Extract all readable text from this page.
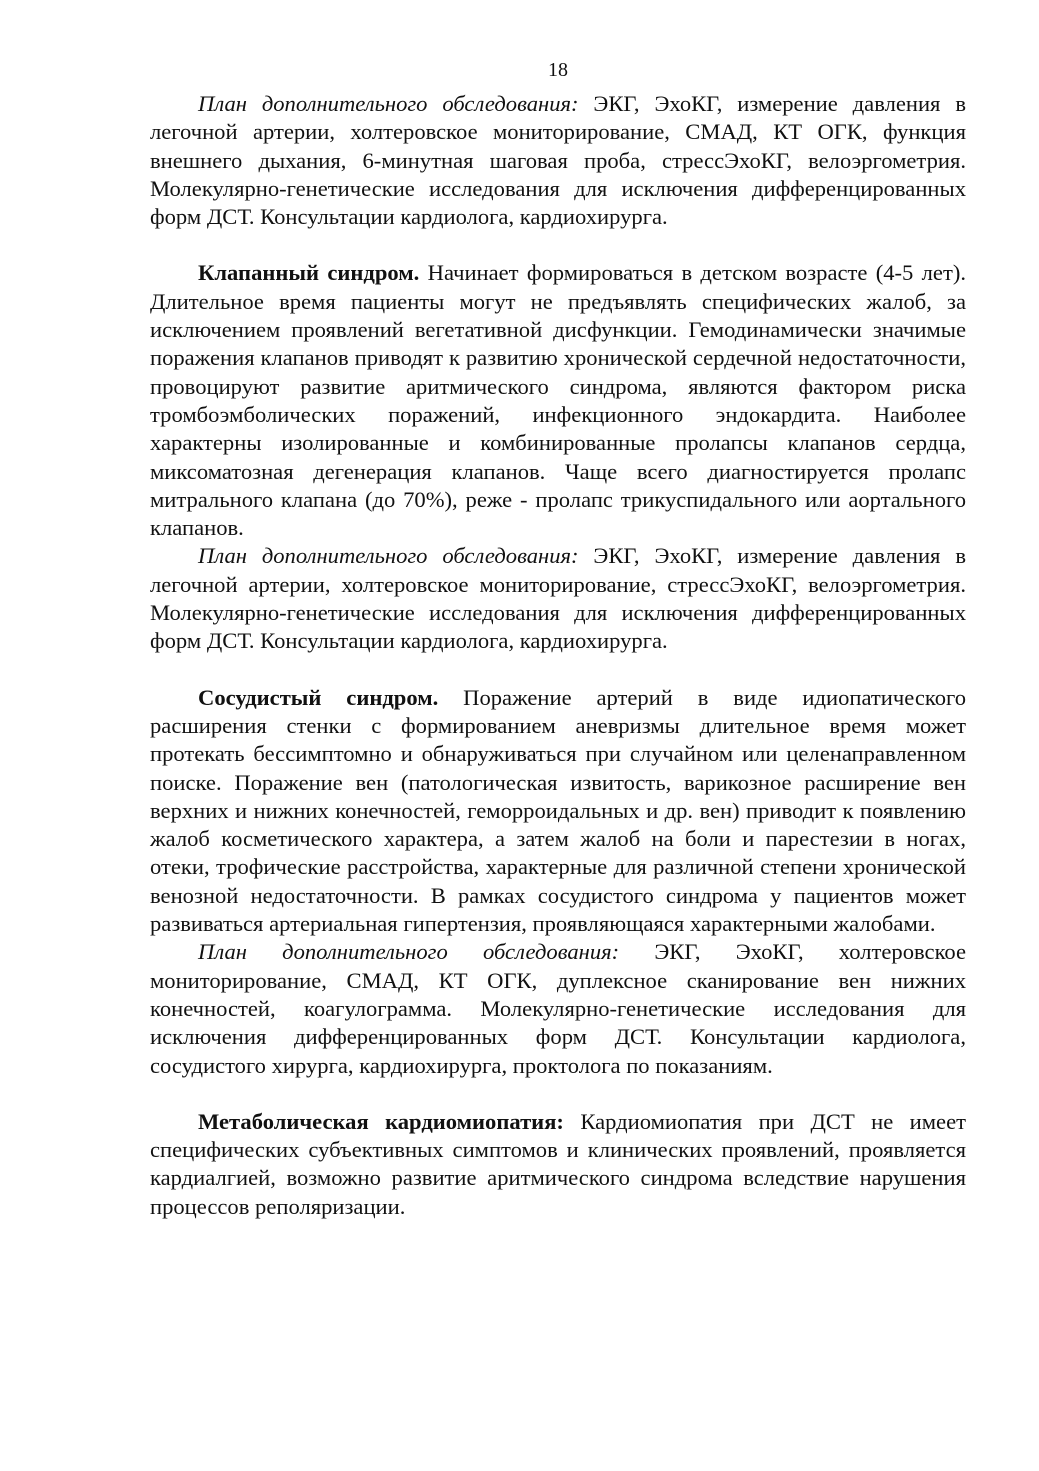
18

План дополнительного обследования: ЭКГ, ЭхоКГ, измерение давления в легочной артерии, холтеровское мониторирование, СМАД, КТ ОГК, функция внешнего дыхания, 6-минутная шаговая проба, стрессЭхоКГ, велоэргометрия. Молекулярно-генетические исследования для исключения дифференцированных форм ДСТ. Консультации кардиолога, кардиохирурга.

Клапанный синдром. Начинает формироваться в детском возрасте (4-5 лет). Длительное время пациенты могут не предъявлять специфических жалоб, за исключением проявлений вегетативной дисфункции. Гемодинамически значимые поражения клапанов приводят к развитию хронической сердечной недостаточности, провоцируют развитие аритмического синдрома, являются фактором риска тромбоэмболических поражений, инфекционного эндокардита. Наиболее характерны изолированные и комбинированные пролапсы клапанов сердца, миксоматозная дегенерация клапанов. Чаще всего диагностируется пролапс митрального клапана (до 70%), реже - пролапс трикуспидального или аортального клапанов.

План дополнительного обследования: ЭКГ, ЭхоКГ, измерение давления в легочной артерии, холтеровское мониторирование, стрессЭхоКГ, велоэргометрия. Молекулярно-генетические исследования для исключения дифференцированных форм ДСТ. Консультации кардиолога, кардиохирурга.

Сосудистый синдром. Поражение артерий в виде идиопатического расширения стенки с формированием аневризмы длительное время может протекать бессимптомно и обнаруживаться при случайном или целенаправленном поиске. Поражение вен (патологическая извитость, варикозное расширение вен верхних и нижних конечностей, геморроидальных и др. вен) приводит к появлению жалоб косметического характера, а затем жалоб на боли и парестезии в ногах, отеки, трофические расстройства, характерные для различной степени хронической венозной недостаточности. В рамках сосудистого синдрома у пациентов может развиваться артериальная гипертензия, проявляющаяся характерными жалобами.

План дополнительного обследования: ЭКГ, ЭхоКГ, холтеровское мониторирование, СМАД, КТ ОГК, дуплексное сканирование вен нижних конечностей, коагулограмма. Молекулярно-генетические исследования для исключения дифференцированных форм ДСТ. Консультации кардиолога, сосудистого хирурга, кардиохирурга, проктолога по показаниям.

Метаболическая кардиомиопатия: Кардиомиопатия при ДСТ не имеет специфических субъективных симптомов и клинических проявлений, проявляется кардиалгией, возможно развитие аритмического синдрома вследствие нарушения процессов реполяризации.
